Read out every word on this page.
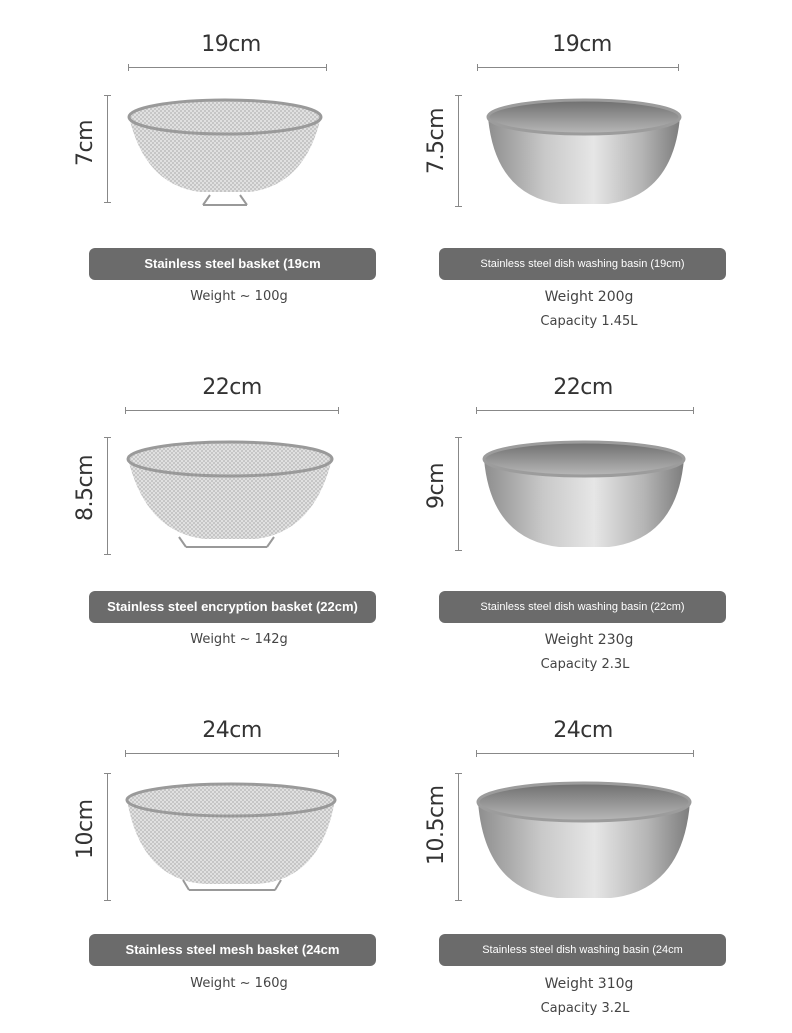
19cm
7cm
Stainless steel basket (19cm
Weight ~ 100g
19cm
7.5cm
Stainless steel dish washing basin (19cm)
Weight 200g
Capacity 1.45L
22cm
8.5cm
Stainless steel encryption basket (22cm)
Weight ~ 142g
22cm
9cm
Stainless steel dish washing basin (22cm)
Weight 230g
Capacity 2.3L
24cm
10cm
Stainless steel mesh basket (24cm
Weight ~ 160g
24cm
10.5cm
Stainless steel dish washing basin (24cm
Weight 310g
Capacity 3.2L
